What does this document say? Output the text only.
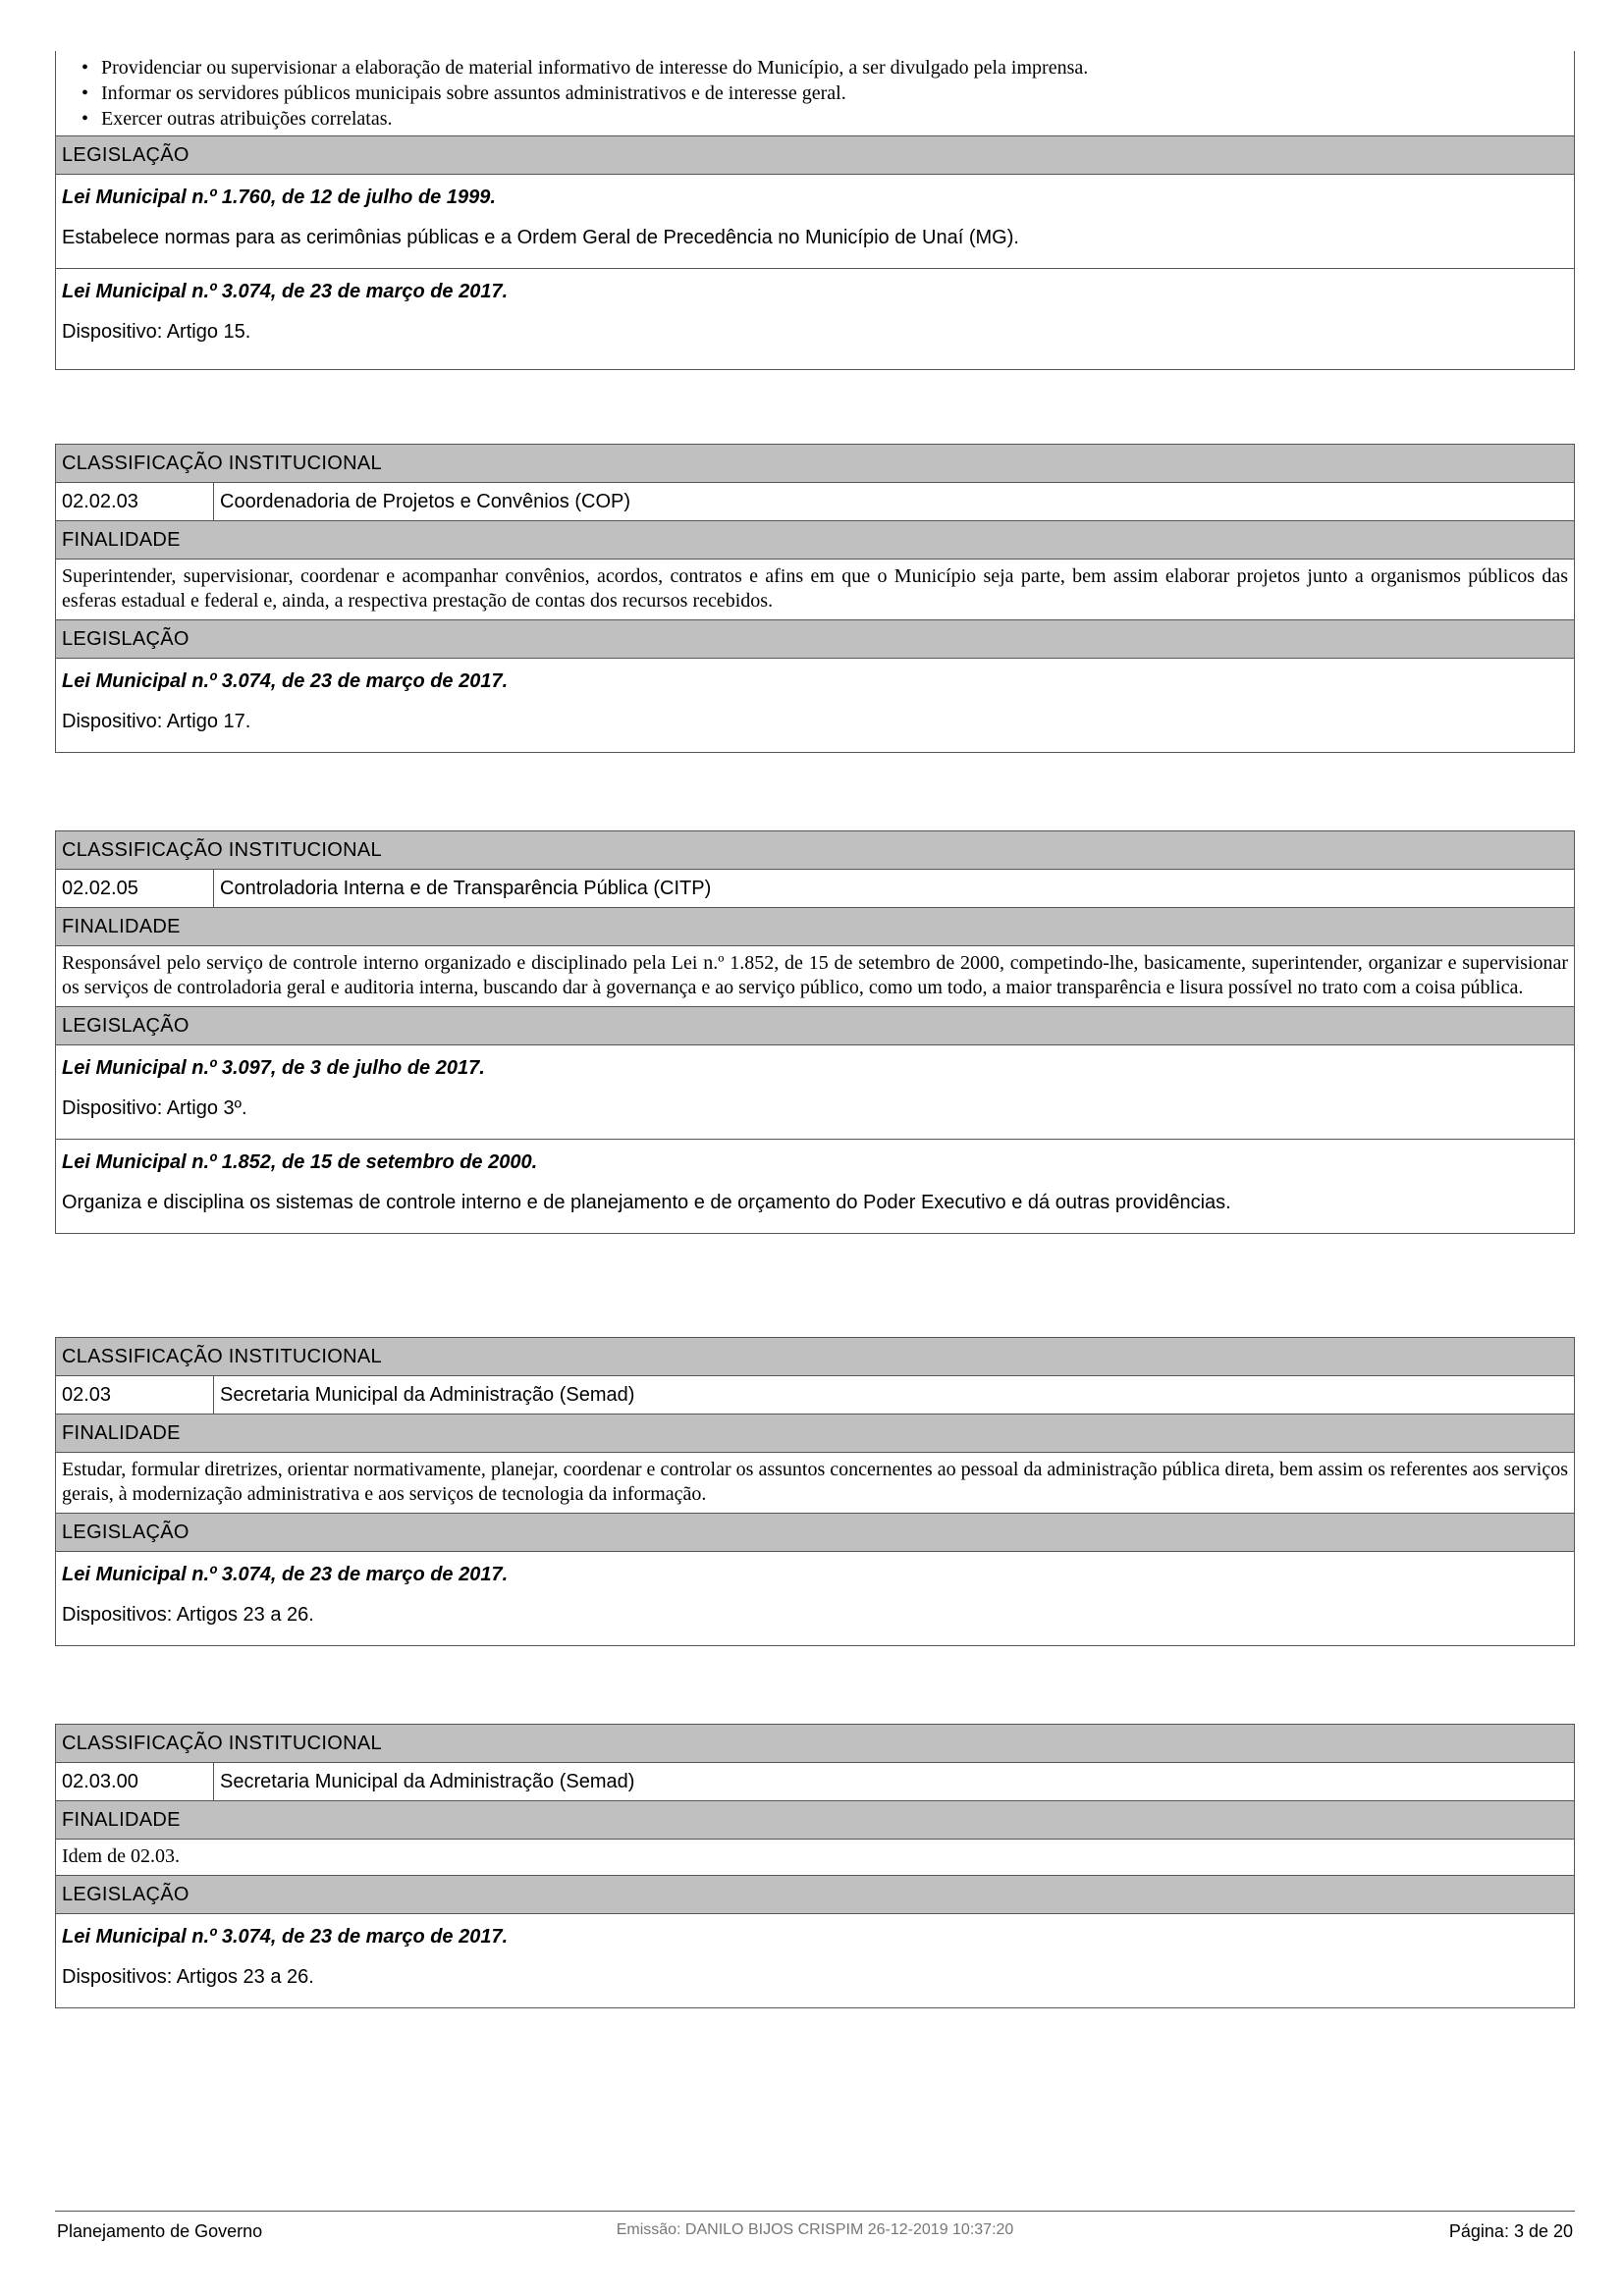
• Providenciar ou supervisionar a elaboração de material informativo de interesse do Município, a ser divulgado pela imprensa.
• Informar os servidores públicos municipais sobre assuntos administrativos e de interesse geral.
• Exercer outras atribuições correlatas.
LEGISLAÇÃO
Lei Municipal n.º 1.760, de 12 de julho de 1999.
Estabelece normas para as cerimônias públicas e a Ordem Geral de Precedência no Município de Unaí (MG).
Lei Municipal n.º 3.074, de 23 de março de 2017.
Dispositivo: Artigo 15.
CLASSIFICAÇÃO INSTITUCIONAL
02.02.03	Coordenadoria de Projetos e Convênios (COP)
FINALIDADE
Superintender, supervisionar, coordenar e acompanhar convênios, acordos, contratos e afins em que o Município seja parte, bem assim elaborar projetos junto a organismos públicos das esferas estadual e federal e, ainda, a respectiva prestação de contas dos recursos recebidos.
LEGISLAÇÃO
Lei Municipal n.º 3.074, de 23 de março de 2017.
Dispositivo: Artigo 17.
CLASSIFICAÇÃO INSTITUCIONAL
02.02.05	Controladoria Interna e de Transparência Pública (CITP)
FINALIDADE
Responsável pelo serviço de controle interno organizado e disciplinado pela Lei n.º 1.852, de 15 de setembro de 2000, competindo-lhe, basicamente, superintender, organizar e supervisionar os serviços de controladoria geral e auditoria interna, buscando dar à governança e ao serviço público, como um todo, a maior transparência e lisura possível no trato com a coisa pública.
LEGISLAÇÃO
Lei Municipal n.º 3.097, de 3 de julho de 2017.
Dispositivo: Artigo 3º.
Lei Municipal n.º 1.852, de 15 de setembro de 2000.
Organiza e disciplina os sistemas de controle interno e de planejamento e de orçamento do Poder Executivo e dá outras providências.
CLASSIFICAÇÃO INSTITUCIONAL
02.03	Secretaria Municipal da Administração (Semad)
FINALIDADE
Estudar, formular diretrizes, orientar normativamente, planejar, coordenar e controlar os assuntos concernentes ao pessoal da administração pública direta, bem assim os referentes aos serviços gerais, à modernização administrativa e aos serviços de tecnologia da informação.
LEGISLAÇÃO
Lei Municipal n.º 3.074, de 23 de março de 2017.
Dispositivos: Artigos 23 a 26.
CLASSIFICAÇÃO INSTITUCIONAL
02.03.00	Secretaria Municipal da Administração (Semad)
FINALIDADE
Idem de 02.03.
LEGISLAÇÃO
Lei Municipal n.º 3.074, de 23 de março de 2017.
Dispositivos: Artigos 23 a 26.
Planejamento de Governo	Emissão: DANILO BIJOS CRISPIM 26-12-2019 10:37:20	Página: 3 de 20
